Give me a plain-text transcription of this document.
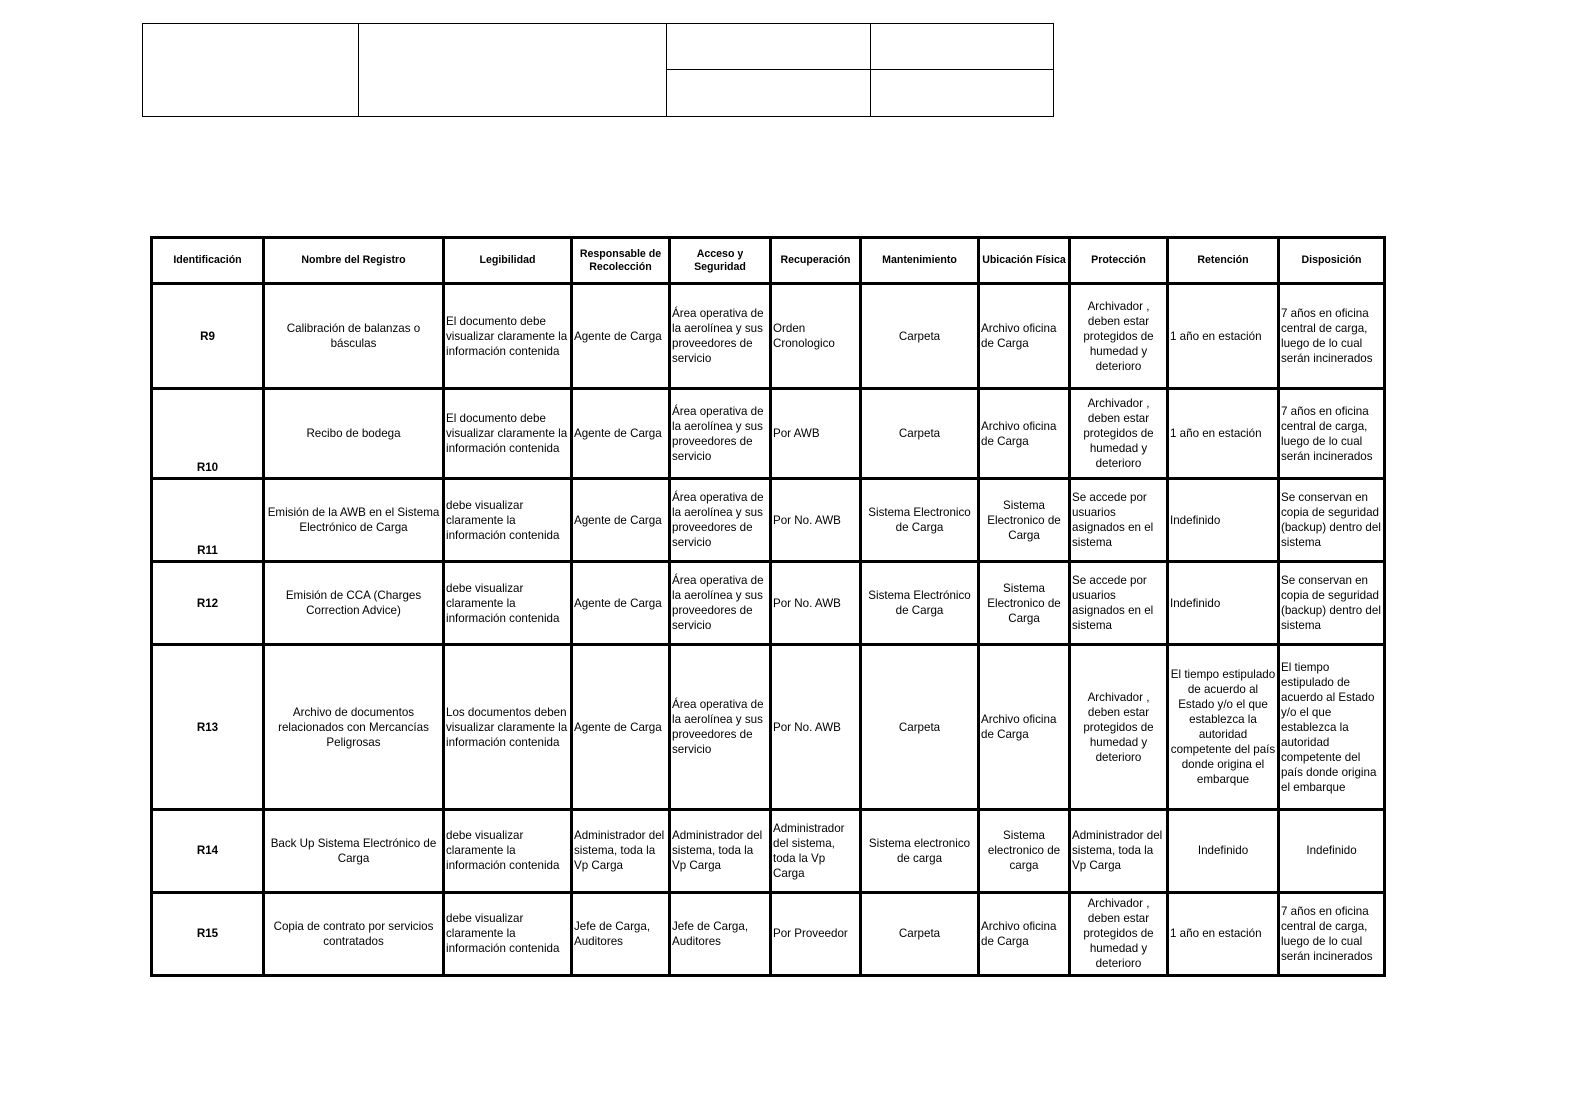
Identificación	Nombre del Registro	Legibilidad	Responsable de Recolección	Acceso y Seguridad	Recuperación	Mantenimiento	Ubicación Física	Protección	Retención	Disposición
R9	Calibración de balanzas o básculas	El documento debe visualizar claramente la información contenida	Agente de Carga	Área operativa de la aerolínea y sus proveedores de servicio	Orden Cronologico	Carpeta	Archivo oficina de Carga	Archivador , deben estar protegidos de humedad y deterioro	1 año en estación	7 años en oficina central de carga, luego de lo cual serán incinerados
R10	Recibo de bodega	El documento debe visualizar claramente la información contenida	Agente de Carga	Área operativa de la aerolínea y sus proveedores de servicio	Por AWB	Carpeta	Archivo oficina de Carga	Archivador , deben estar protegidos de humedad y deterioro	1 año en estación	7 años en oficina central de carga, luego de lo cual serán incinerados
R11	Emisión de la AWB en el Sistema Electrónico de Carga	debe visualizar claramente la información contenida	Agente de Carga	Área operativa de la aerolínea y sus proveedores de servicio	Por No. AWB	Sistema Electronico de Carga	Sistema Electronico de Carga	Se accede por usuarios asignados en el sistema	Indefinido	Se conservan en copia de seguridad (backup) dentro del sistema
R12	Emisión de CCA (Charges Correction Advice)	debe visualizar claramente la información contenida	Agente de Carga	Área operativa de la aerolínea y sus proveedores de servicio	Por No. AWB	Sistema Electrónico de Carga	Sistema Electronico de Carga	Se accede por usuarios asignados en el sistema	Indefinido	Se conservan en copia de seguridad (backup) dentro del sistema
R13	Archivo de documentos relacionados con Mercancías Peligrosas	Los documentos deben visualizar claramente la información contenida	Agente de Carga	Área operativa de la aerolínea y sus proveedores de servicio	Por No. AWB	Carpeta	Archivo oficina de Carga	Archivador , deben estar protegidos de humedad y deterioro	El tiempo estipulado de acuerdo al Estado y/o el que establezca la autoridad competente del país donde origina el embarque	El tiempo estipulado de acuerdo al Estado y/o el que establezca la autoridad competente del país donde origina el embarque
R14	Back Up Sistema Electrónico de Carga	debe visualizar claramente la información contenida	Administrador del sistema, toda la Vp Carga	Administrador del sistema, toda la Vp Carga	Administrador del sistema, toda la Vp Carga	Sistema electronico de carga	Sistema electronico de carga	Administrador del sistema, toda la Vp Carga	Indefinido	Indefinido
R15	Copia de contrato por servicios contratados	debe visualizar claramente la información contenida	Jefe de Carga, Auditores	Jefe de Carga, Auditores	Por Proveedor	Carpeta	Archivo oficina de Carga	Archivador , deben estar protegidos de humedad y deterioro	1 año en estación	7 años en oficina central de carga, luego de lo cual serán incinerados
